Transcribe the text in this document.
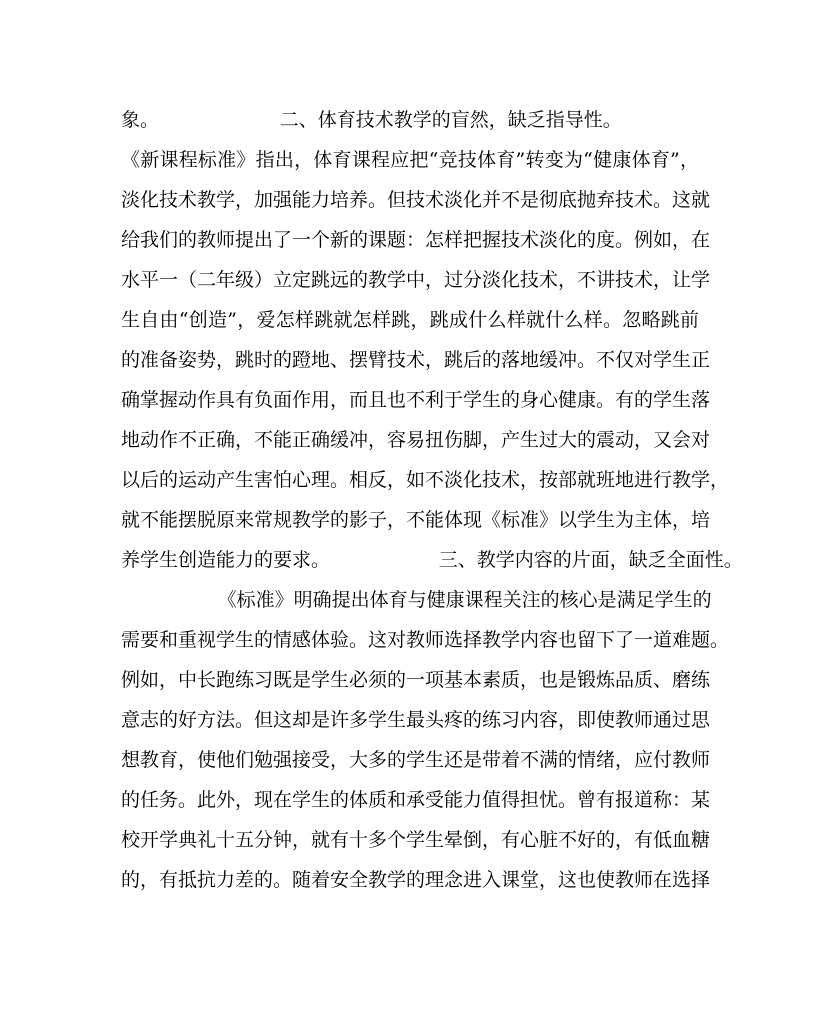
象。                    二、体育技术教学的盲然，缺乏指导性。
《新课程标准》指出，体育课程应把“竞技体育”转变为“健康体育”，
淡化技术教学，加强能力培养。但技术淡化并不是彻底抛弃技术。这就
给我们的教师提出了一个新的课题：怎样把握技术淡化的度。例如，在
水平一（二年级）立定跳远的教学中，过分淡化技术，不讲技术，让学
生自由“创造”，爱怎样跳就怎样跳，跳成什么样就什么样。忽略跳前
的准备姿势，跳时的蹬地、摆臂技术，跳后的落地缓冲。不仅对学生正
确掌握动作具有负面作用，而且也不利于学生的身心健康。有的学生落
地动作不正确，不能正确缓冲，容易扭伤脚，产生过大的震动，又会对
以后的运动产生害怕心理。相反，如不淡化技术，按部就班地进行教学，
就不能摆脱原来常规教学的影子，不能体现《标准》以学生为主体，培
养学生创造能力的要求。                  三、教学内容的片面，缺乏全面性。
《标准》明确提出体育与健康课程关注的核心是满足学生的
需要和重视学生的情感体验。这对教师选择教学内容也留下了一道难题。
例如，中长跑练习既是学生必须的一项基本素质，也是锻炼品质、磨练
意志的好方法。但这却是许多学生最头疼的练习内容，即使教师通过思
想教育，使他们勉强接受，大多的学生还是带着不满的情绪，应付教师
的任务。此外，现在学生的体质和承受能力值得担忧。曾有报道称：某
校开学典礼十五分钟，就有十多个学生晕倒，有心脏不好的，有低血糖
的，有抵抗力差的。随着安全教学的理念进入课堂，这也使教师在选择
